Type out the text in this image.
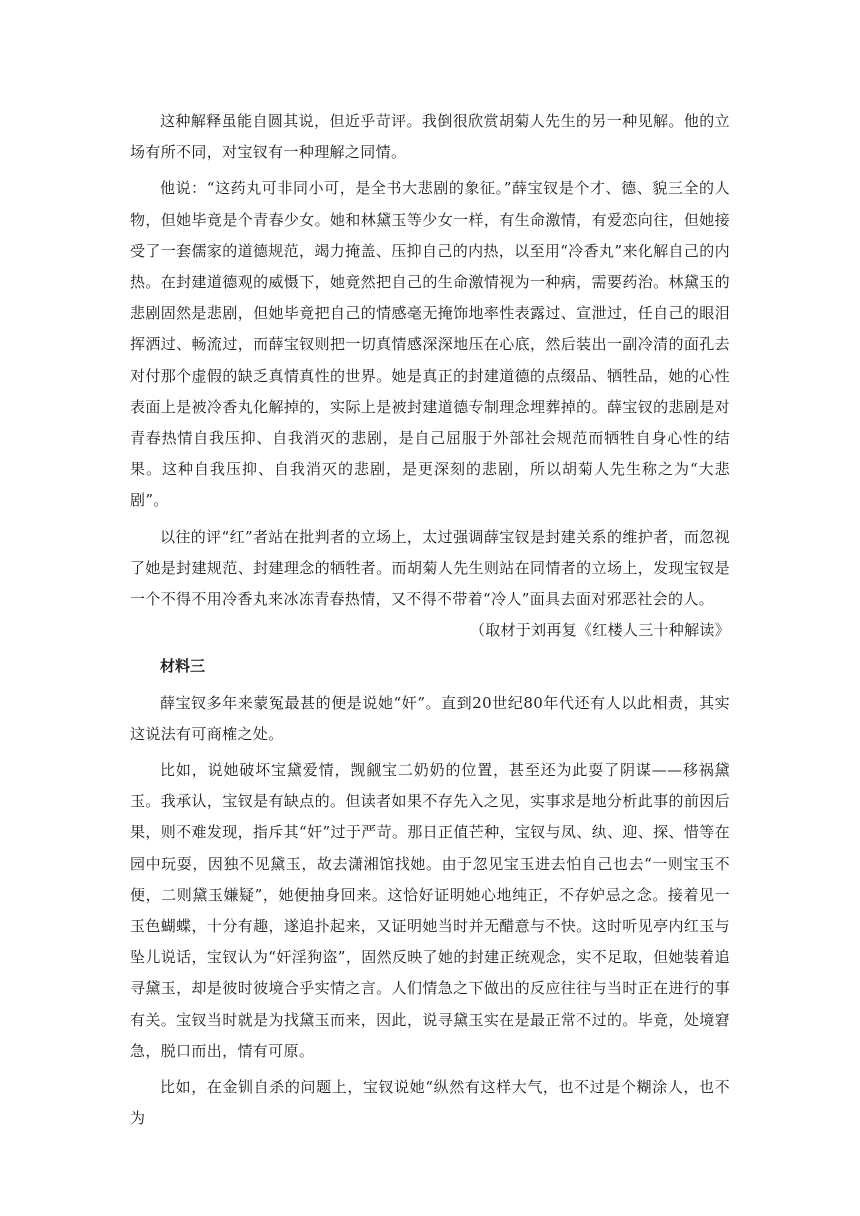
这种解释虽能自圆其说，但近乎苛评。我倒很欣赏胡菊人先生的另一种见解。他的立场有所不同，对宝钗有一种理解之同情。

他说：“这药丸可非同小可，是全书大悲剧的象征。”薛宝钗是个才、德、貌三全的人物，但她毕竟是个青春少女。她和林黛玉等少女一样，有生命激情，有爱恋向往，但她接受了一套儒家的道德规范，竭力掩盖、压抑自己的内热，以至用“冷香丸”来化解自己的内热。在封建道德观的威慑下，她竟然把自己的生命激情视为一种病，需要药治。林黛玉的悲剧固然是悲剧，但她毕竟把自己的情感毫无掩饰地率性表露过、宣泄过，任自己的眼泪挥洒过、畅流过，而薛宝钗则把一切真情感深深地压在心底，然后装出一副冷清的面孔去对付那个虚假的缺乏真情真性的世界。她是真正的封建道德的点缀品、牺牲品，她的心性表面上是被冷香丸化解掉的，实际上是被封建道德专制理念埋葬掉的。薛宝钗的悲剧是对青春热情自我压抑、自我消灭的悲剧，是自己屈服于外部社会规范而牺牲自身心性的结果。这种自我压抑、自我消灭的悲剧，是更深刻的悲剧，所以胡菊人先生称之为“大悲剧”。

以往的评“红”者站在批判者的立场上，太过强调薛宝钗是封建关系的维护者，而忽视了她是封建规范、封建理念的牺牲者。而胡菊人先生则站在同情者的立场上，发现宝钗是一个不得不用冷香丸来冰冻青春热情，又不得不带着“冷人”面具去面对邪恶社会的人。

（取材于刘再复《红楼人三十种解读》

材料三

薛宝钗多年来蒙冤最甚的便是说她“奸”。直到20世纪80年代还有人以此相责，其实这说法有可商榷之处。

比如，说她破坏宝黛爱情，觊觎宝二奶奶的位置，甚至还为此耍了阴谋——移祸黛玉。我承认，宝钗是有缺点的。但读者如果不存先入之见，实事求是地分析此事的前因后果，则不难发现，指斥其“奸”过于严苛。那日正值芒种，宝钗与凤、纨、迎、探、惜等在园中玩耍，因独不见黛玉，故去潇湘馆找她。由于忽见宝玉进去怕自己也去“一则宝玉不便，二则黛玉嫌疑”，她便抽身回来。这恰好证明她心地纯正，不存妒忌之念。接着见一玉色蝴蝶，十分有趣，遂追扑起来，又证明她当时并无醋意与不快。这时听见亭内红玉与坠儿说话，宝钗认为“奸淫狗盗”，固然反映了她的封建正统观念，实不足取，但她装着追寻黛玉，却是彼时彼境合乎实情之言。人们情急之下做出的反应往往与当时正在进行的事有关。宝钗当时就是为找黛玉而来，因此，说寻黛玉实在是最正常不过的。毕竟，处境窘急，脱口而出，情有可原。

比如，在金钏自杀的问题上，宝钗说她“纵然有这样大气，也不过是个糊涂人，也不为
